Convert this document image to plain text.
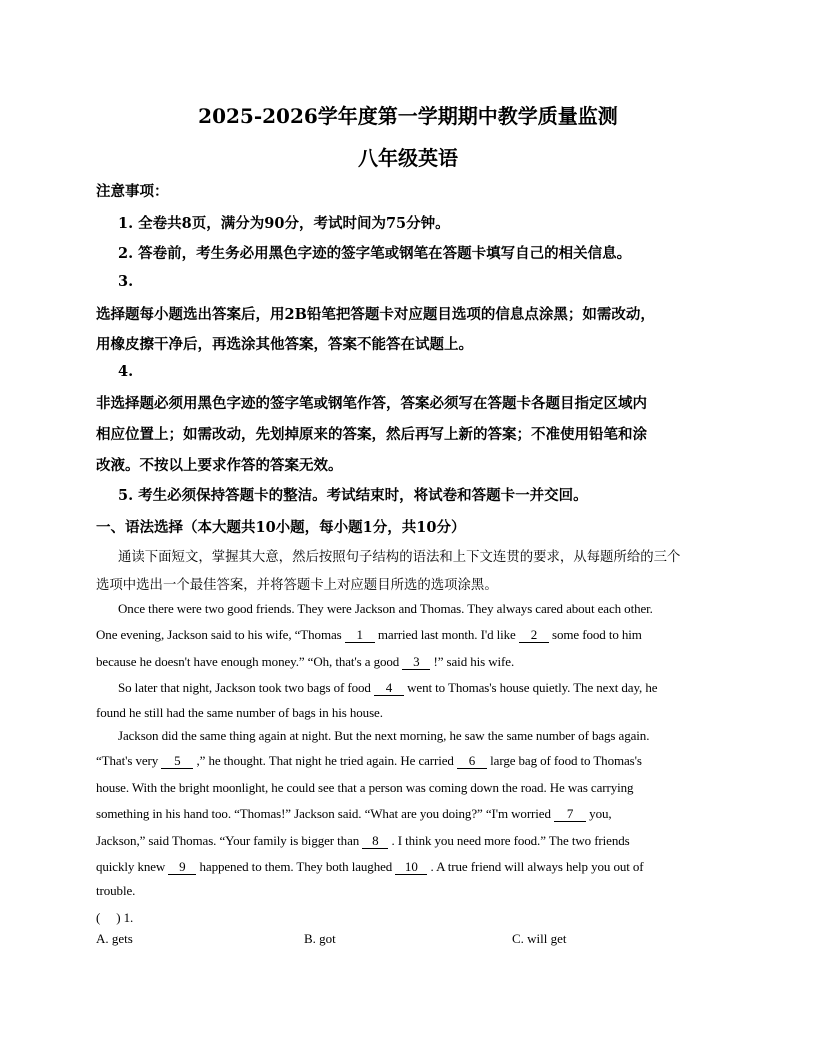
2025-2026学年度第一学期期中教学质量监测
八年级英语
注意事项：
1. 全卷共8页，满分为90分，考试时间为75分钟。
2. 答卷前，考生务必用黑色字迹的签字笔或钢笔在答题卡填写自己的相关信息。
3.
选择题每小题选出答案后，用2B铅笔把答题卡对应题目选项的信息点涂黑；如需改动，
用橡皮擦干净后，再选涂其他答案，答案不能答在试题上。
4.
非选择题必须用黑色字迹的签字笔或钢笔作答，答案必须写在答题卡各题目指定区域内
相应位置上；如需改动，先划掉原来的答案，然后再写上新的答案；不准使用铅笔和涂
改液。不按以上要求作答的答案无效。
5. 考生必须保持答题卡的整洁。考试结束时，将试卷和答题卡一并交回。
一、语法选择（本大题共10小题，每小题1分，共10分）
通读下面短文，掌握其大意，然后按照句子结构的语法和上下文连贯的要求，从每题所给的三个
选项中选出一个最佳答案，并将答题卡上对应题目所选的选项涂黑。
Once there were two good friends. They were Jackson and Thomas. They always cared about each other.
One evening, Jackson said to his wife, “Thomas 1 married last month. I'd like 2 some food to him
because he doesn't have enough money.” “Oh, that's a good 3 !” said his wife.
So later that night, Jackson took two bags of food 4 went to Thomas's house quietly. The next day, he
found he still had the same number of bags in his house.
Jackson did the same thing again at night. But the next morning, he saw the same number of bags again.
“That's very 5 ,” he thought. That night he tried again. He carried 6 large bag of food to Thomas's
house. With the bright moonlight, he could see that a person was coming down the road. He was carrying
something in his hand too. “Thomas!” Jackson said. “What are you doing?” “I'm worried 7 you,
Jackson,” said Thomas. “Your family is bigger than 8 . I think you need more food.” The two friends
quickly knew 9 happened to them. They both laughed 10 . A true friend will always help you out of
trouble.
(　 ) 1.
A. gets	B. got	C. will get
